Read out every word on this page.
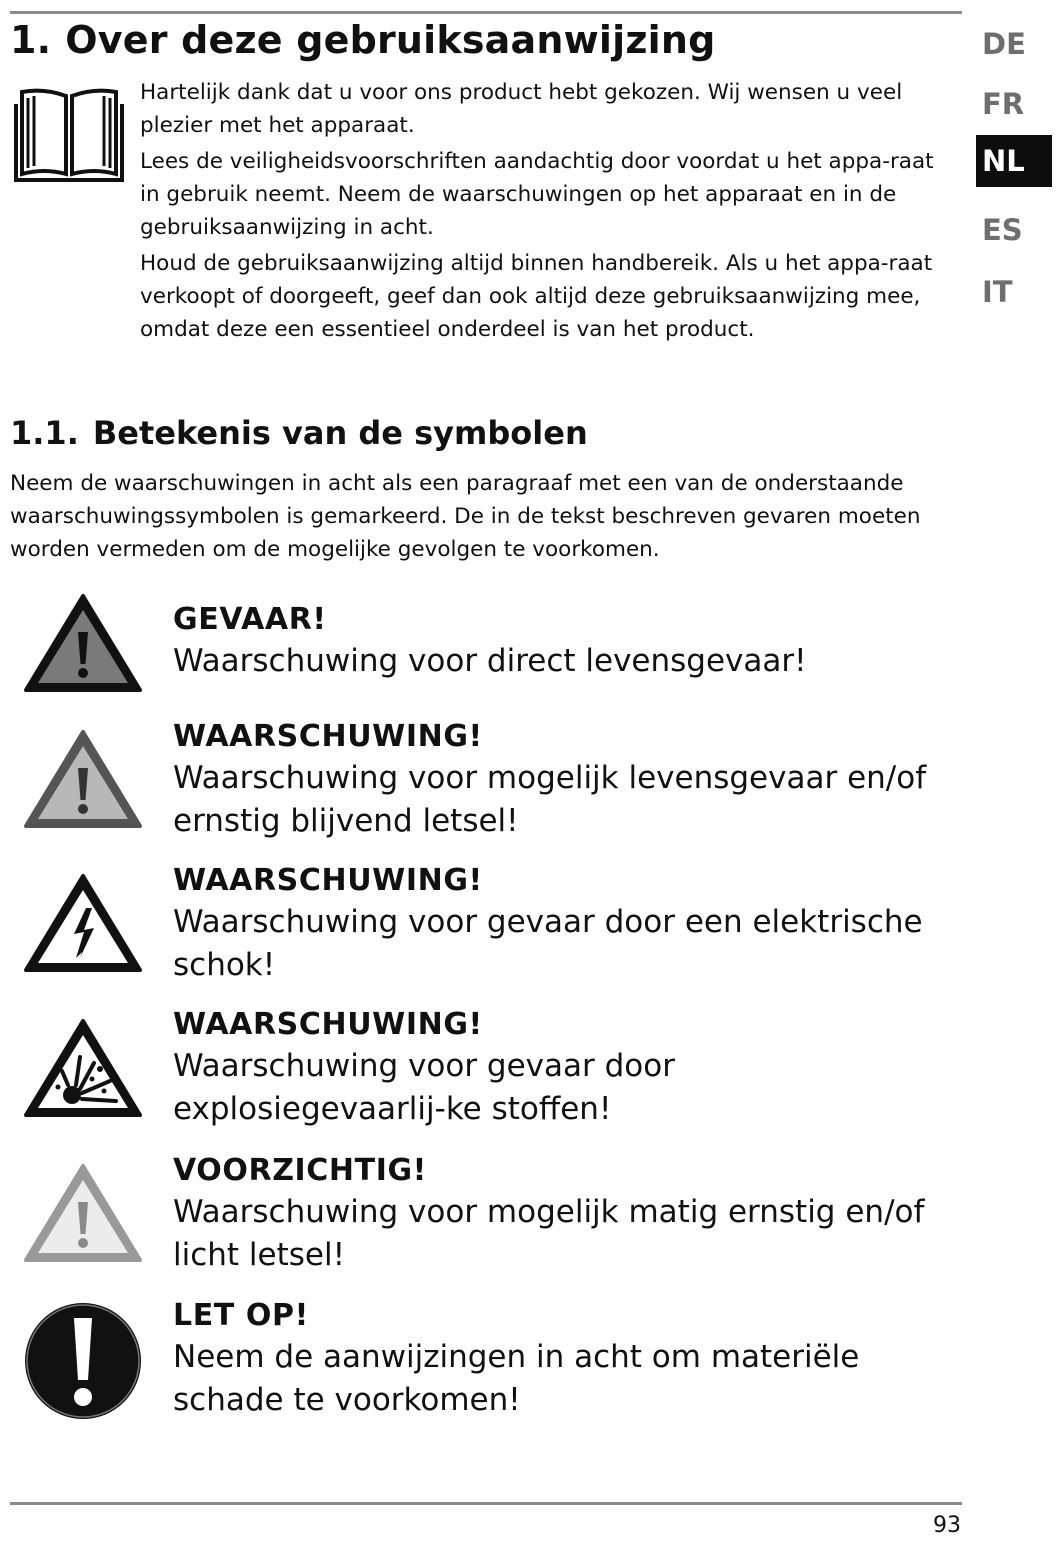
1. Over deze gebruiksaanwijzing

Hartelijk dank dat u voor ons product hebt gekozen. Wij wensen u veel plezier met het apparaat.

Lees de veiligheidsvoorschriften aandachtig door voordat u het appa-raat in gebruik neemt. Neem de waarschuwingen op het apparaat en in de gebruiksaanwijzing in acht.

Houd de gebruiksaanwijzing altijd binnen handbereik. Als u het appa-raat verkoopt of doorgeeft, geef dan ook altijd deze gebruiksaanwijzing mee, omdat deze een essentieel onderdeel is van het product.

1.1. Betekenis van de symbolen

Neem de waarschuwingen in acht als een paragraaf met een van de onderstaande waarschuwingssymbolen is gemarkeerd. De in de tekst beschreven gevaren moeten worden vermeden om de mogelijke gevolgen te voorkomen.

GEVAAR!
Waarschuwing voor direct levensgevaar!
WAARSCHUWING!
Waarschuwing voor mogelijk levensgevaar en/of ernstig blijvend letsel!
WAARSCHUWING!
Waarschuwing voor gevaar door een elektrische schok!
WAARSCHUWING!
Waarschuwing voor gevaar door explosiegevaarlij-ke stoffen!
VOORZICHTIG!
Waarschuwing voor mogelijk matig ernstig en/of licht letsel!
LET OP!
Neem de aanwijzingen in acht om materiële schade te voorkomen!
DE
FR
NL
ES
IT
93
